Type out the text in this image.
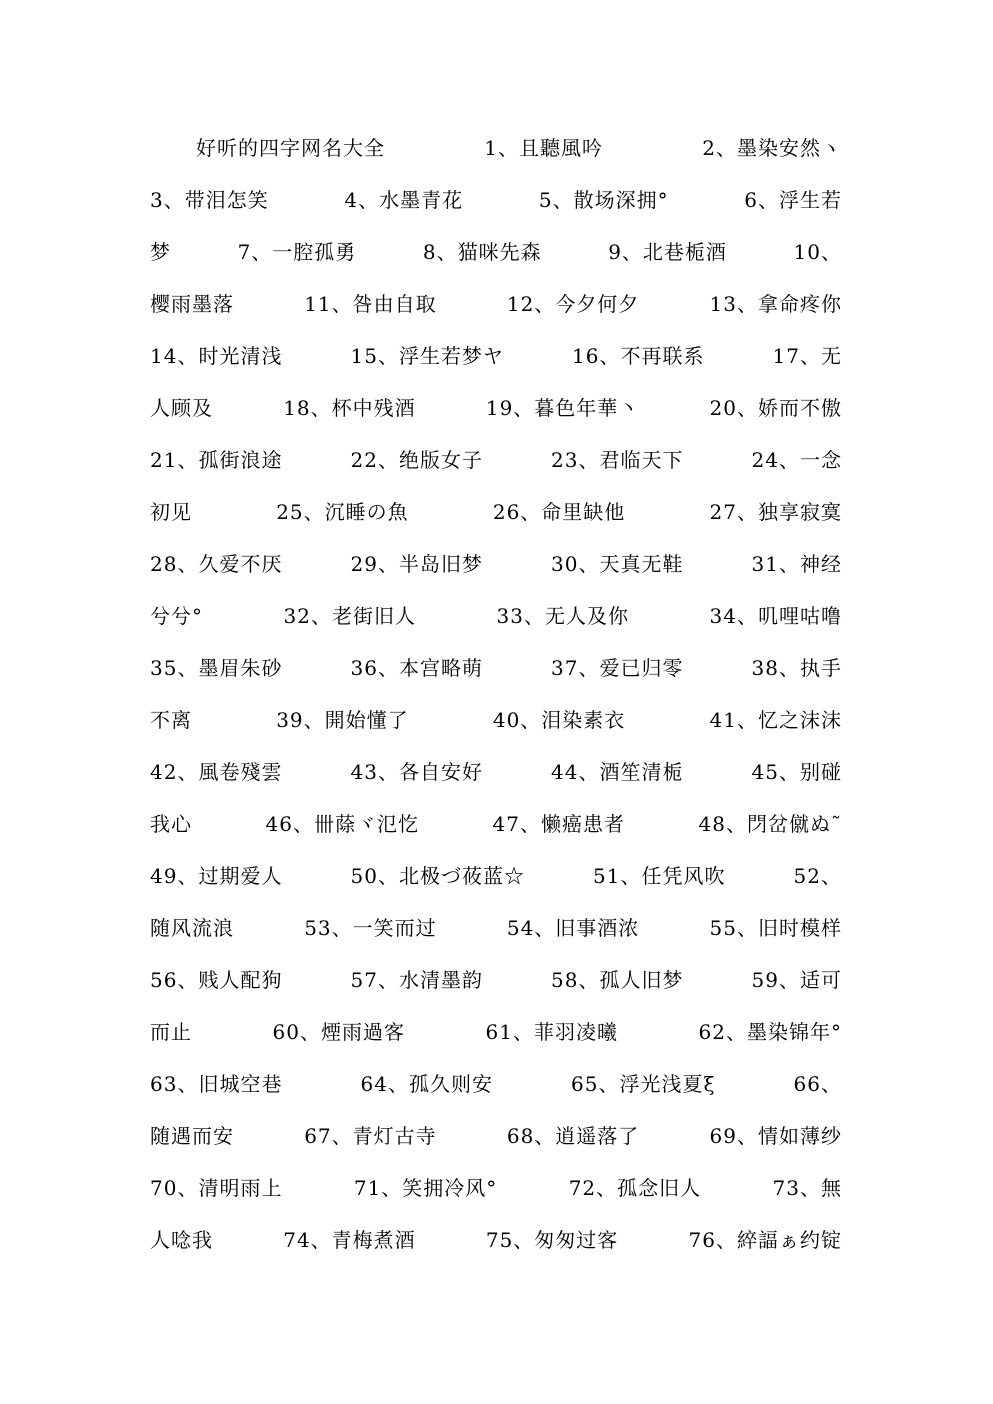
好听的四字网名大全	1、且聽風吟	2、墨染安然ヽ
3、带泪怎笑	4、水墨青花	5、散场深拥°	6、浮生若
梦	7、一腔孤勇	8、猫咪先森	9、北巷栀酒	10、
樱雨墨落	11、咎由自取	12、今夕何夕	13、拿命疼你
14、时光清浅	15、浮生若梦ヤ	16、不再联系	17、无
人顾及	18、杯中残酒	19、暮色年華丶	20、娇而不傲
21、孤街浪途	22、绝版女子	23、君临天下	24、一念
初见	25、沉睡の魚	26、命里缺他	27、独享寂寞
28、久爱不厌	29、半岛旧梦	30、天真无鞋	31、神经
兮兮°	32、老街旧人	33、无人及你	34、叽哩咕噜
35、墨眉朱砂	36、本宫略萌	37、爱已归零	38、执手
不离	39、開始懂了	40、泪染素衣	41、忆之沫沫
42、風卷殘雲	43、各自安好	44、酒笙清栀	45、别碰
我心	46、卌蒢ヾ氾忔	47、懒癌患者	48、閁岔僦ぬ˜
49、过期爱人	50、北极づ莜蓝☆	51、任凭风吹	52、
随风流浪	53、一笑而过	54、旧事酒浓	55、旧时模样
56、贱人配狗	57、水清墨韵	58、孤人旧梦	59、适可
而止	60、煙雨過客	61、菲羽凌曦	62、墨染锦年°
63、旧城空巷	64、孤久则安	65、浮光浅夏ξ	66、
随遇而安	67、青灯古寺	68、逍遥落了	69、情如薄纱
70、清明雨上	71、笑拥冷风°	72、孤念旧人	73、無
人唸我	74、青梅煮酒	75、匆匆过客	76、綷諨ぁ约锭
